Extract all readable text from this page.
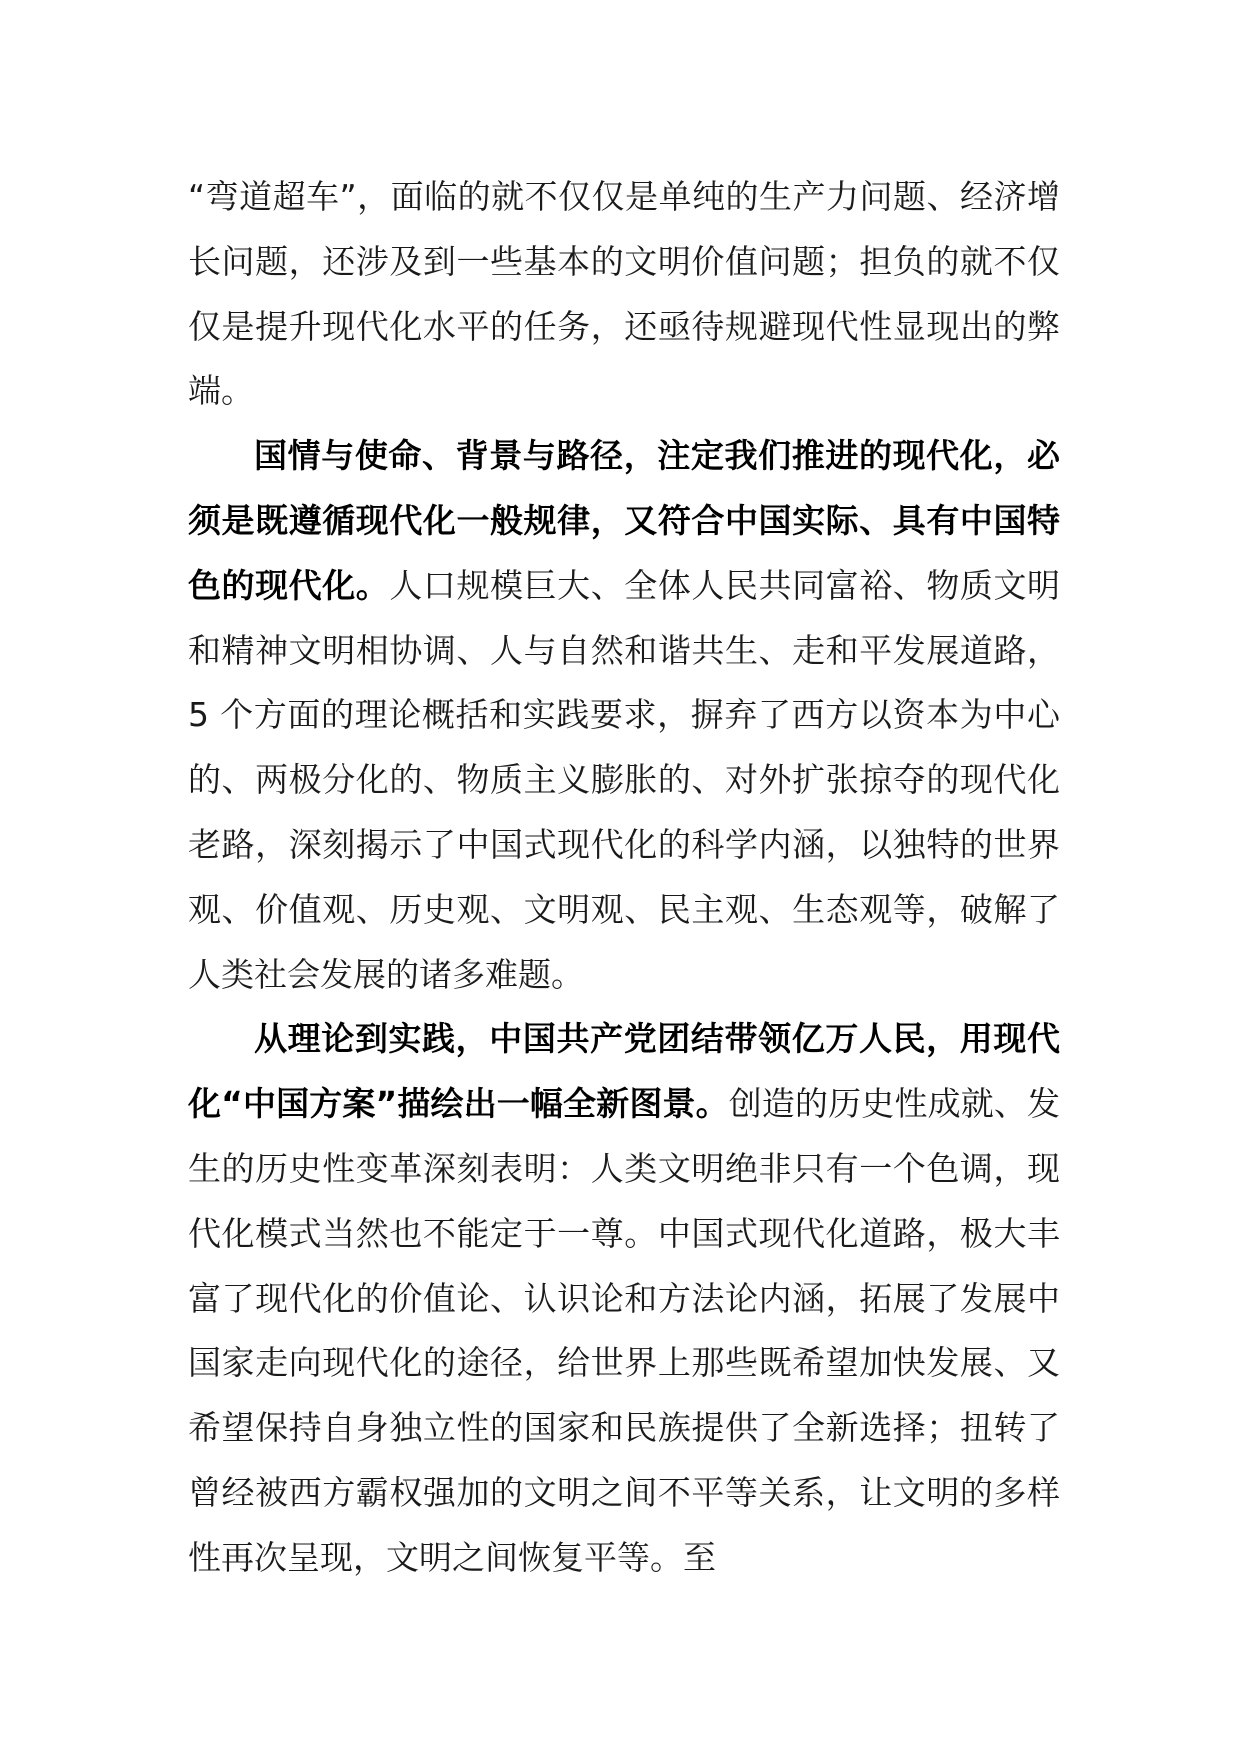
“弯道超车”，面临的就不仅仅是单纯的生产力问题、经济增长问题，还涉及到一些基本的文明价值问题；担负的就不仅仅是提升现代化水平的任务，还亟待规避现代性显现出的弊端。

国情与使命、背景与路径，注定我们推进的现代化，必须是既遵循现代化一般规律，又符合中国实际、具有中国特色的现代化。人口规模巨大、全体人民共同富裕、物质文明和精神文明相协调、人与自然和谐共生、走和平发展道路，5 个方面的理论概括和实践要求，摒弃了西方以资本为中心的、两极分化的、物质主义膨胀的、对外扩张掠夺的现代化老路，深刻揭示了中国式现代化的科学内涵，以独特的世界观、价值观、历史观、文明观、民主观、生态观等，破解了人类社会发展的诸多难题。

从理论到实践，中国共产党团结带领亿万人民，用现代化“中国方案”描绘出一幅全新图景。创造的历史性成就、发生的历史性变革深刻表明：人类文明绝非只有一个色调，现代化模式当然也不能定于一尊。中国式现代化道路，极大丰富了现代化的价值论、认识论和方法论内涵，拓展了发展中国家走向现代化的途径，给世界上那些既希望加快发展、又希望保持自身独立性的国家和民族提供了全新选择；扭转了曾经被西方霸权强加的文明之间不平等关系，让文明的多样性再次呈现，文明之间恢复平等。至
